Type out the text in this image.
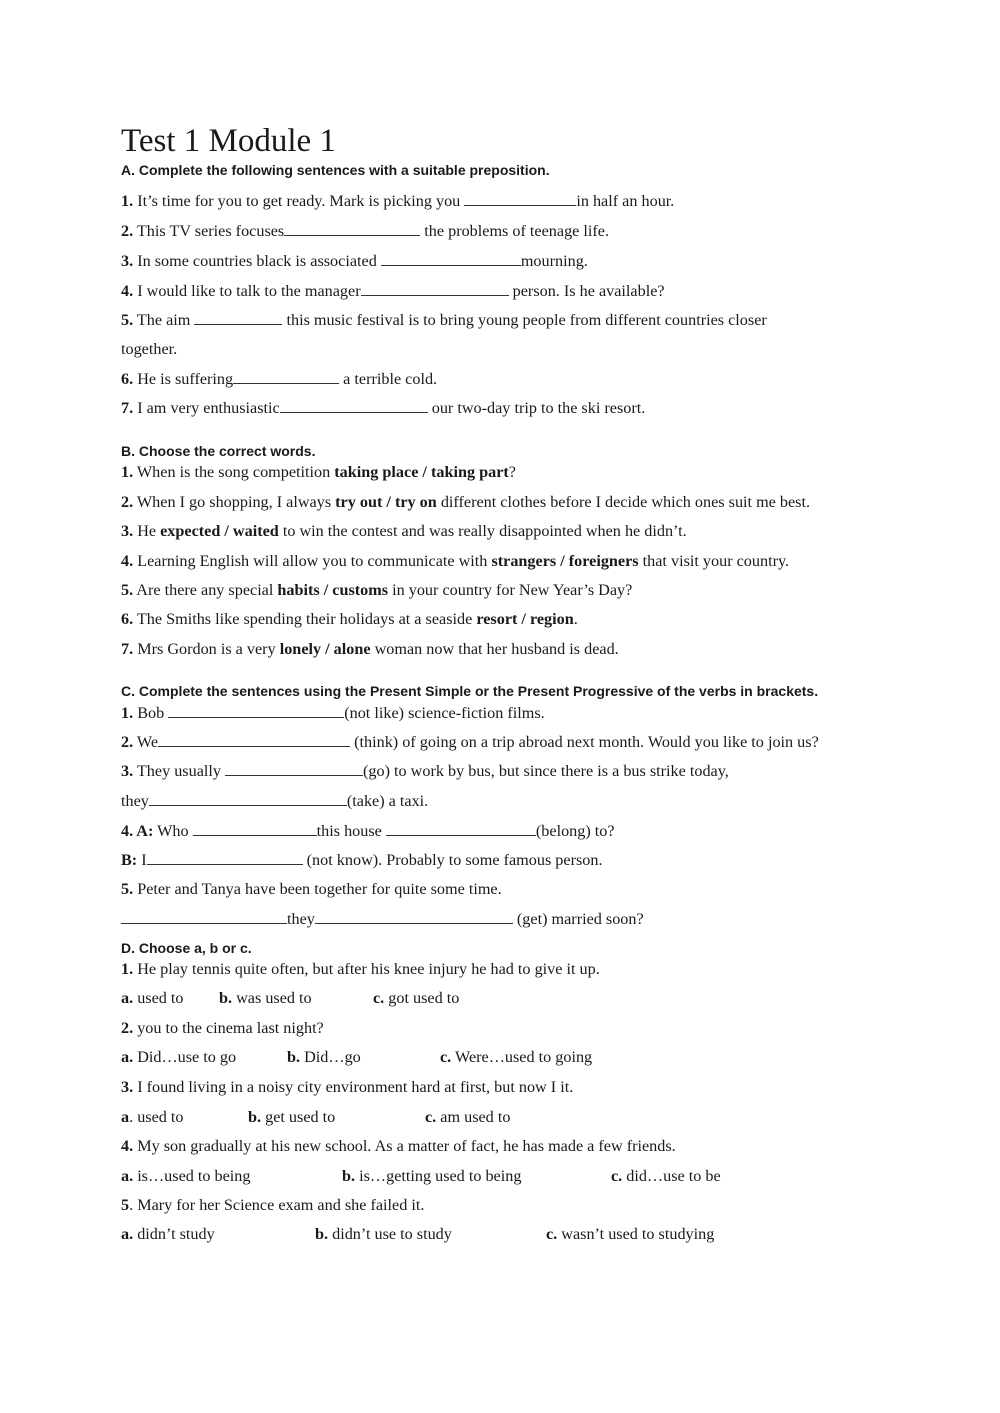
Test 1 Module 1
A. Complete the following sentences with a suitable preposition.
1. It’s time for you to get ready. Mark is picking you	in half an hour.
2. This TV series focuses	the problems of teenage life.
3. In some countries black is associated	mourning.
4. I would like to talk to the manager	person. Is he available?
5. The aim	this music festival is to bring young people from different countries closer
together.
6. He is suffering	a terrible cold.
7. I am very enthusiastic	our two-day trip to the ski resort.
B. Choose the correct words.
1. When is the song competition taking place / taking part?
2. When I go shopping, I always try out / try on different clothes before I decide which ones suit me best.
3. He expected / waited to win the contest and was really disappointed when he didn’t.
4. Learning English will allow you to communicate with strangers / foreigners that visit your country.
5. Are there any special habits / customs in your country for New Year’s Day?
6. The Smiths like spending their holidays at a seaside resort / region.
7. Mrs Gordon is a very lonely / alone woman now that her husband is dead.
C. Complete the sentences using the Present Simple or the Present Progressive of the verbs in brackets.
1. Bob	(not like) science-fiction films.
2. We	(think) of going on a trip abroad next month. Would you like to join us?
3. They usually	(go) to work by bus, but since there is a bus strike today,
they	(take) a taxi.
4. A: Who	this house	(belong) to?
B: I	(not know). Probably to some famous person.
5. Peter and Tanya have been together for quite some time.
they	(get) married soon?
D. Choose a, b or c.
1. He play tennis quite often, but after his knee injury he had to give it up.
a. used to b. was used to	c. got used to
2. you to the cinema last night?
a. Did…use to go	b. Did…go	c. Were…used to going
3. I found living in a noisy city environment hard at first, but now I it.
a. used to	b. get used to	c. am used to
4. My son gradually at his new school. As a matter of fact, he has made a few friends.
a. is…used to being	b. is…getting used to being	c. did…use to be
5. Mary for her Science exam and she failed it.
a. didn’t study	b. didn’t use to study	c. wasn’t used to studying
